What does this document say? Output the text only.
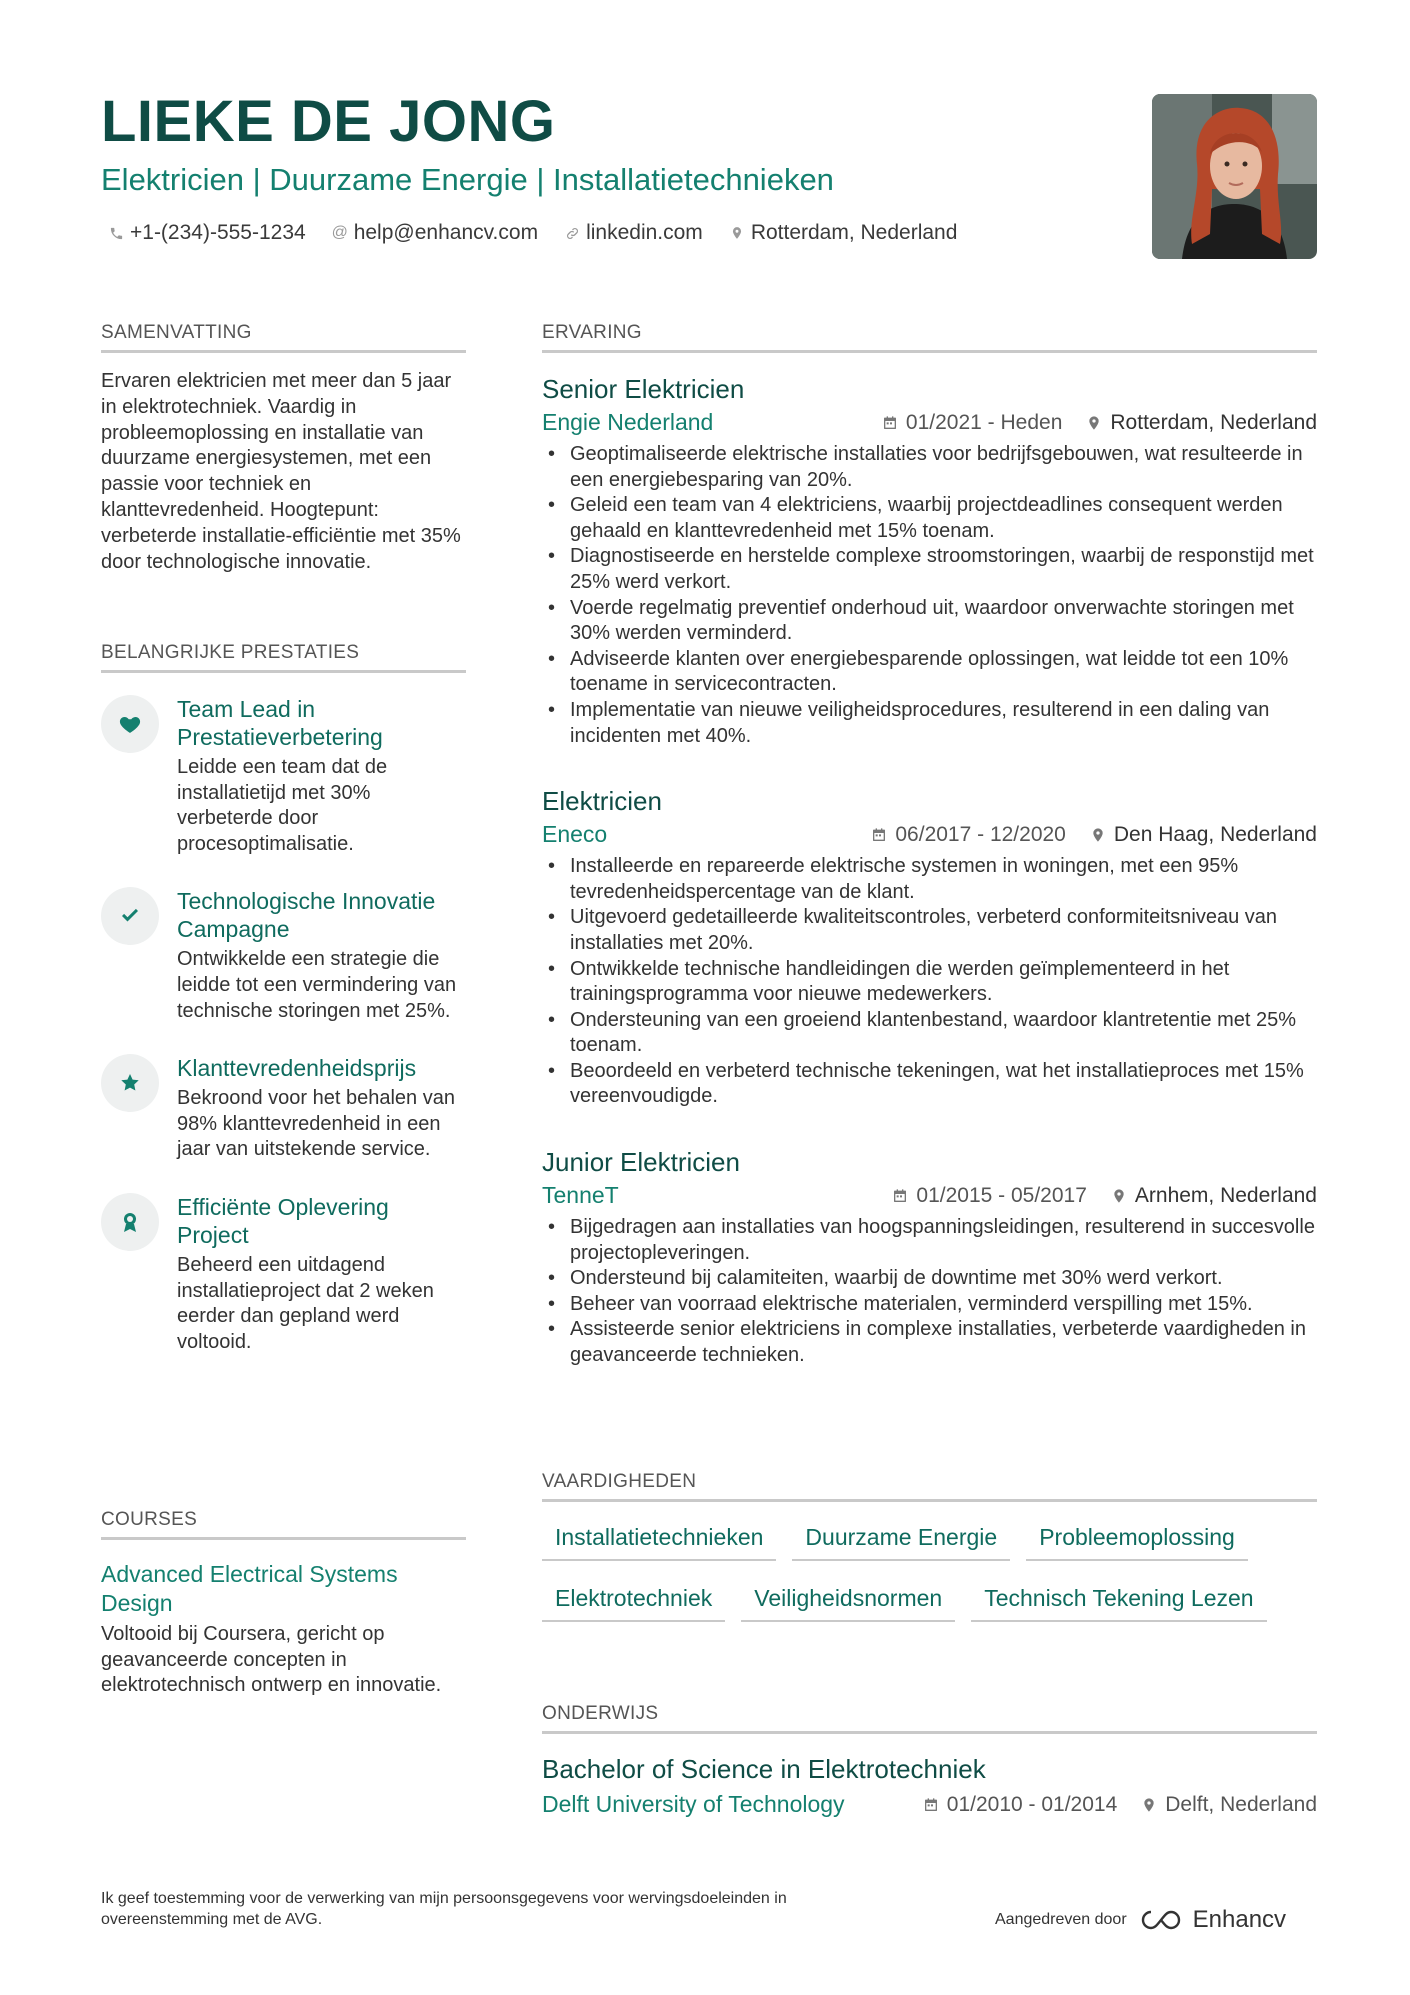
LIEKE DE JONG
Elektricien | Duurzame Energie | Installatietechnieken
+1-(234)-555-1234 @ help@enhancv.com linkedin.com Rotterdam, Nederland
SAMENVATTING
Ervaren elektricien met meer dan 5 jaar in elektrotechniek. Vaardig in probleemoplossing en installatie van duurzame energiesystemen, met een passie voor techniek en klanttevredenheid. Hoogtepunt: verbeterde installatie-efficiëntie met 35% door technologische innovatie.
BELANGRIJKE PRESTATIES
Team Lead in Prestatieverbetering
Leidde een team dat de installatietijd met 30% verbeterde door procesoptimalisatie.
Technologische Innovatie Campagne
Ontwikkelde een strategie die leidde tot een vermindering van technische storingen met 25%.
Klanttevredenheidsprijs
Bekroond voor het behalen van 98% klanttevredenheid in een jaar van uitstekende service.
Efficiënte Oplevering Project
Beheerd een uitdagend installatieproject dat 2 weken eerder dan gepland werd voltooid.
COURSES
Advanced Electrical Systems Design
Voltooid bij Coursera, gericht op geavanceerde concepten in elektrotechnisch ontwerp en innovatie.
ERVARING
Senior Elektricien
Engie Nederland	01/2021 - Heden Rotterdam, Nederland
• Geoptimaliseerde elektrische installaties voor bedrijfsgebouwen, wat resulteerde in een energiebesparing van 20%.
• Geleid een team van 4 elektriciens, waarbij projectdeadlines consequent werden gehaald en klanttevredenheid met 15% toenam.
• Diagnostiseerde en herstelde complexe stroomstoringen, waarbij de responstijd met 25% werd verkort.
• Voerde regelmatig preventief onderhoud uit, waardoor onverwachte storingen met 30% werden verminderd.
• Adviseerde klanten over energiebesparende oplossingen, wat leidde tot een 10% toename in servicecontracten.
• Implementatie van nieuwe veiligheidsprocedures, resulterend in een daling van incidenten met 40%.
Elektricien
Eneco	06/2017 - 12/2020 Den Haag, Nederland
• Installeerde en repareerde elektrische systemen in woningen, met een 95% tevredenheidspercentage van de klant.
• Uitgevoerd gedetailleerde kwaliteitscontroles, verbeterd conformiteitsniveau van installaties met 20%.
• Ontwikkelde technische handleidingen die werden geïmplementeerd in het trainingsprogramma voor nieuwe medewerkers.
• Ondersteuning van een groeiend klantenbestand, waardoor klantretentie met 25% toenam.
• Beoordeeld en verbeterd technische tekeningen, wat het installatieproces met 15% vereenvoudigde.
Junior Elektricien
TenneT	01/2015 - 05/2017 Arnhem, Nederland
• Bijgedragen aan installaties van hoogspanningsleidingen, resulterend in succesvolle projectopleveringen.
• Ondersteund bij calamiteiten, waarbij de downtime met 30% werd verkort.
• Beheer van voorraad elektrische materialen, verminderd verspilling met 15%.
• Assisteerde senior elektriciens in complexe installaties, verbeterde vaardigheden in geavanceerde technieken.
VAARDIGHEDEN
Installatietechnieken	Duurzame Energie	Probleemoplossing
Elektrotechniek	Veiligheidsnormen	Technisch Tekening Lezen
ONDERWIJS
Bachelor of Science in Elektrotechniek
Delft University of Technology	01/2010 - 01/2014 Delft, Nederland
Ik geef toestemming voor de verwerking van mijn persoonsgegevens voor wervingsdoeleinden in overeenstemming met de AVG.	Aangedreven door	Enhancv
